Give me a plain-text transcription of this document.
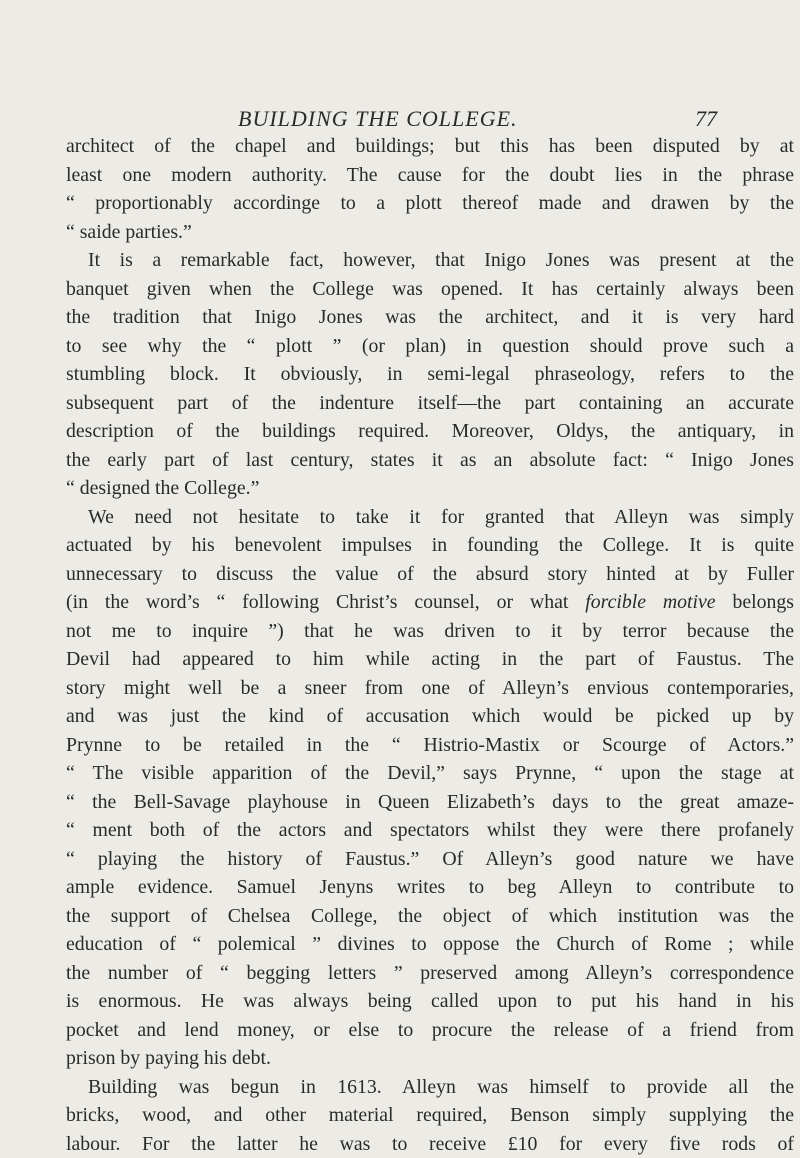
BUILDING THE COLLEGE.	77
architect of the chapel and buildings; but this has been disputed by at
least one modern authority. The cause for the doubt lies in the phrase
“ proportionably accordinge to a plott thereof made and drawen by the
“ saide parties.”
It is a remarkable fact, however, that Inigo Jones was present at the
banquet given when the College was opened. It has certainly always been
the tradition that Inigo Jones was the architect, and it is very hard
to see why the “ plott ” (or plan) in question should prove such a
stumbling block. It obviously, in semi-legal phraseology, refers to the
subsequent part of the indenture itself—the part containing an accurate
description of the buildings required. Moreover, Oldys, the antiquary, in
the early part of last century, states it as an absolute fact: “ Inigo Jones
“ designed the College.”
We need not hesitate to take it for granted that Alleyn was simply
actuated by his benevolent impulses in founding the College. It is quite
unnecessary to discuss the value of the absurd story hinted at by Fuller
(in the word’s “ following Christ’s counsel, or what forcible motive belongs
not me to inquire ”) that he was driven to it by terror because the
Devil had appeared to him while acting in the part of Faustus. The
story might well be a sneer from one of Alleyn’s envious contemporaries,
and was just the kind of accusation which would be picked up by
Prynne to be retailed in the “ Histrio-Mastix or Scourge of Actors.”
“ The visible apparition of the Devil,” says Prynne, “ upon the stage at
“ the Bell-Savage playhouse in Queen Elizabeth’s days to the great amaze-
“ ment both of the actors and spectators whilst they were there profanely
“ playing the history of Faustus.” Of Alleyn’s good nature we have
ample evidence. Samuel Jenyns writes to beg Alleyn to contribute to
the support of Chelsea College, the object of which institution was the
education of “ polemical ” divines to oppose the Church of Rome ; while
the number of “ begging letters ” preserved among Alleyn’s correspondence
is enormous. He was always being called upon to put his hand in his
pocket and lend money, or else to procure the release of a friend from
prison by paying his debt.
Building was begun in 1613. Alleyn was himself to provide all the
bricks, wood, and other material required, Benson simply supplying the
labour. For the latter he was to receive £10 for every five rods of
